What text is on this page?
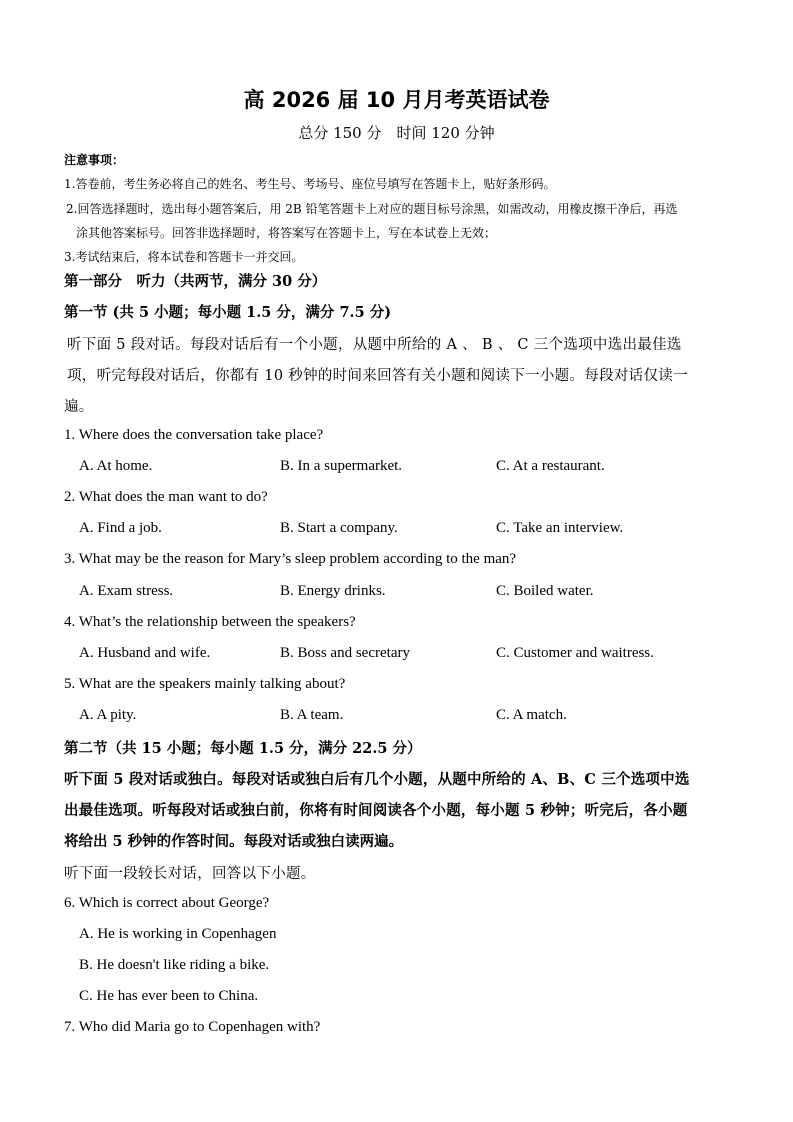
高 2026 届 10 月月考英语试卷
总分 150 分　时间 120 分钟
注意事项：
1.答卷前，考生务必将自己的姓名、考生号、考场号、座位号填写在答题卡上，贴好条形码。
2.回答选择题时，选出每小题答案后，用 2B 铅笔答题卡上对应的题目标号涂黑，如需改动，用橡皮擦干净后，再选
涂其他答案标号。回答非选择题时，将答案写在答题卡上，写在本试卷上无效；
3.考试结束后，将本试卷和答题卡一并交回。
第一部分　听力（共两节，满分 30 分）
第一节 (共 5 小题；每小题 1.5 分，满分 7.5 分)
听下面 5 段对话。每段对话后有一个小题，从题中所给的 A 、 B 、 C 三个选项中选出最佳选
项，听完每段对话后，你都有 10 秒钟的时间来回答有关小题和阅读下一小题。每段对话仅读一
遍。
1. Where does the conversation take place?
A. At home.	B. In a supermarket.	C. At a restaurant.
2. What does the man want to do?
A. Find a job.	B. Start a company.	C. Take an interview.
3. What may be the reason for Mary’s sleep problem according to the man?
A. Exam stress.	B. Energy drinks.	C. Boiled water.
4. What’s the relationship between the speakers?
A. Husband and wife.	B. Boss and secretary	C. Customer and waitress.
5. What are the speakers mainly talking about?
A. A pity.	B. A team.	C. A match.
第二节（共 15 小题；每小题 1.5 分，满分 22.5 分）
听下面 5 段对话或独白。每段对话或独白后有几个小题，从题中所给的 A、B、C 三个选项中选
出最佳选项。听每段对话或独白前，你将有时间阅读各个小题，每小题 5 秒钟；听完后，各小题
将给出 5 秒钟的作答时间。每段对话或独白读两遍。
听下面一段较长对话，回答以下小题。
6. Which is correct about George?
A. He is working in Copenhagen
B. He doesn't like riding a bike.
C. He has ever been to China.
7. Who did Maria go to Copenhagen with?
